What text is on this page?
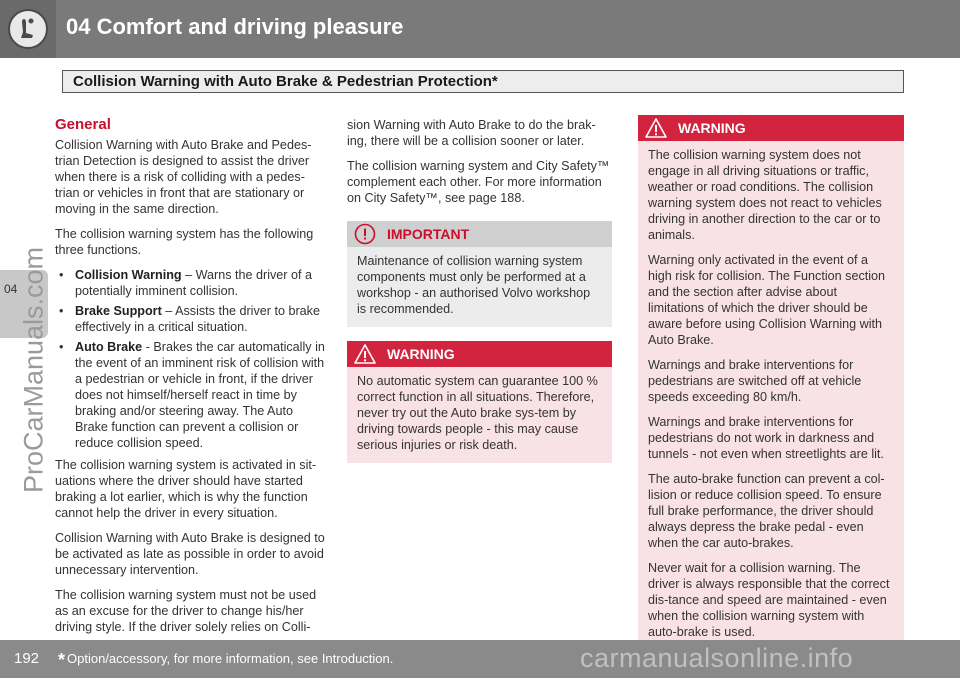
04 Comfort and driving pleasure
Collision Warning with Auto Brake & Pedestrian Protection*
04 ProCarManuals.com
General

Collision Warning with Auto Brake and Pedes-trian Detection is designed to assist the driver when there is a risk of colliding with a pedes-trian or vehicles in front that are stationary or moving in the same direction.

The collision warning system has the following three functions.

• Collision Warning – Warns the driver of a potentially imminent collision.
• Brake Support – Assists the driver to brake effectively in a critical situation.
• Auto Brake - Brakes the car automatically in the event of an imminent risk of collision with a pedestrian or vehicle in front, if the driver does not himself/herself react in time by braking and/or steering away. The Auto Brake function can prevent a collision or reduce collision speed.

The collision warning system is activated in sit-uations where the driver should have started braking a lot earlier, which is why the function cannot help the driver in every situation.

Collision Warning with Auto Brake is designed to be activated as late as possible in order to avoid unnecessary intervention.

The collision warning system must not be used as an excuse for the driver to change his/her driving style. If the driver solely relies on Colli-

sion Warning with Auto Brake to do the brak-ing, there will be a collision sooner or later.

The collision warning system and City Safety™ complement each other. For more information on City Safety™, see page 188.

IMPORTANT

Maintenance of collision warning system components must only be performed at a workshop - an authorised Volvo workshop is recommended.

WARNING

No automatic system can guarantee 100 % correct function in all situations. Therefore, never try out the Auto brake sys-tem by driving towards people - this may cause serious injuries or risk death.

WARNING

The collision warning system does not engage in all driving situations or traffic, weather or road conditions. The collision warning system does not react to vehicles driving in another direction to the car or to animals.

Warning only activated in the event of a high risk for collision. The Function section and the section after advise about limitations of which the driver should be aware before using Collision Warning with Auto Brake.

Warnings and brake interventions for pedestrians are switched off at vehicle speeds exceeding 80 km/h.

Warnings and brake interventions for pedestrians do not work in darkness and tunnels - not even when streetlights are lit.

The auto-brake function can prevent a col-lision or reduce collision speed. To ensure full brake performance, the driver should always depress the brake pedal - even when the car auto-brakes.

Never wait for a collision warning. The driver is always responsible that the correct dis-tance and speed are maintained - even when the collision warning system with auto-brake is used.

192 * Option/accessory, for more information, see Introduction.	carmanualsonline.info
